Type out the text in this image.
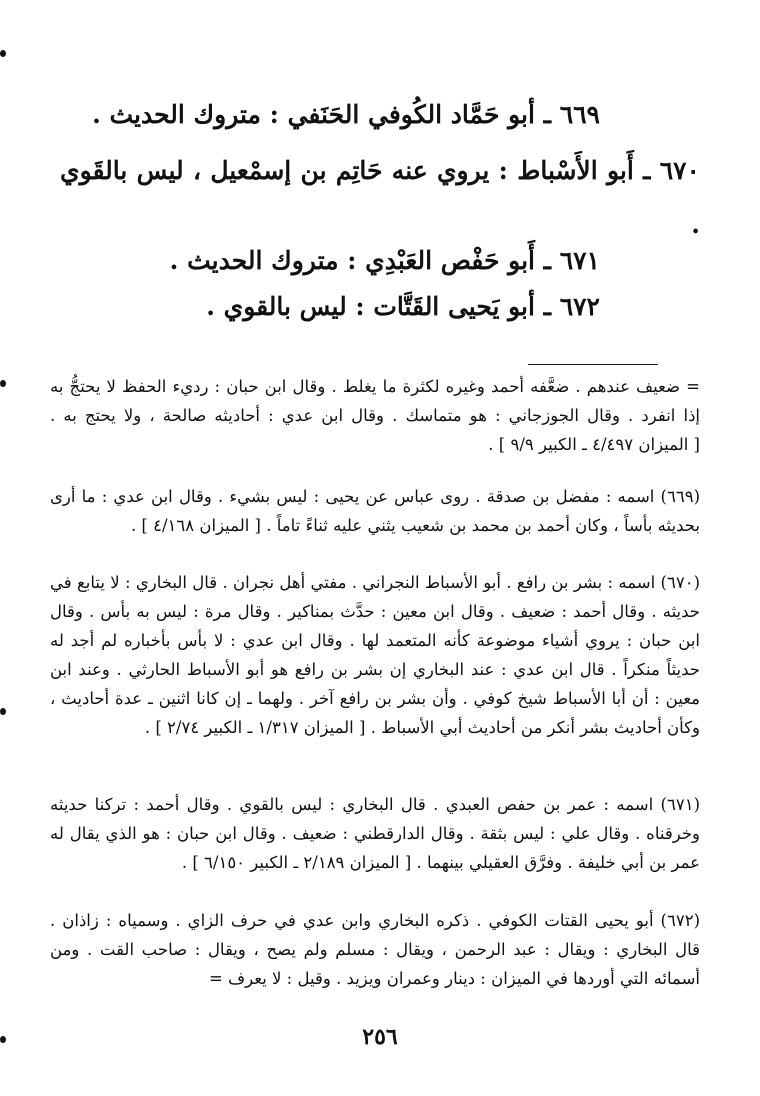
٦٦٩ ـ أبو حَمَّاد الكُوفي الحَنَفي : متروك الحديث .
٦٧٠ ـ أَبو الأَسْباط : يروي عنه حَاتِم بن إسمْعيل ، ليس بالقَوي .
٦٧١ ـ أَبو حَفْص العَبْدِي : متروك الحديث .
٦٧٢ ـ أبو يَحيى القَتَّات : ليس بالقوي .
= ضعيف عندهم . ضعَّفه أحمد وغيره لكثرة ما يغلط . وقال ابن حبان : رديء الحفظ لا يحتجُّ به إذا انفرد . وقال الجوزجاني : هو متماسك . وقال ابن عدي : أحاديثه صالحة ، ولا يحتج به . [ الميزان ٤/٤٩٧ ـ الكبير ٩/٩ ] .
(٦٦٩) اسمه : مفضل بن صدقة . روى عباس عن يحيى : ليس بشيء . وقال ابن عدي : ما أرى بحديثه بأساً ، وكان أحمد بن محمد بن شعيب يثني عليه ثناءً تاماً . [ الميزان ٤/١٦٨ ] .
(٦٧٠) اسمه : بشر بن رافع . أبو الأسباط النجراني . مفتي أهل نجران . قال البخاري : لا يتابع في حديثه . وقال أحمد : ضعيف . وقال ابن معين : حدَّث بمناكير . وقال مرة : ليس به بأس . وقال ابن حبان : يروي أشياء موضوعة كأنه المتعمد لها . وقال ابن عدي : لا بأس بأخباره لم أجد له حديثاً منكراً . قال ابن عدي : عند البخاري إن بشر بن رافع هو أبو الأسباط الحارثي . وعند ابن معين : أن أبا الأسباط شيخ كوفي . وأن بشر بن رافع آخر . ولهما ـ إن كانا اثنين ـ عدة أحاديث ، وكأن أحاديث بشر أنكر من أحاديث أبي الأسباط . [ الميزان ١/٣١٧ ـ الكبير ٢/٧٤ ] .
(٦٧١) اسمه : عمر بن حفص العبدي . قال البخاري : ليس بالقوي . وقال أحمد : تركنا حديثه وخرقناه . وقال علي : ليس بثقة . وقال الدارقطني : ضعيف . وقال ابن حبان : هو الذي يقال له عمر بن أبي خليفة . وفرَّق العقيلي بينهما . [ الميزان ٢/١٨٩ ـ الكبير ٦/١٥٠ ] .
(٦٧٢) أبو يحيى القتات الكوفي . ذكره البخاري وابن عدي في حرف الزاي . وسمياه : زاذان . قال البخاري : ويقال : عبد الرحمن ، ويقال : مسلم ولم يصح ، ويقال : صاحب القت . ومن أسمائه التي أوردها في الميزان : دينار وعمران ويزيد . وقيل : لا يعرف =
٢٥٦
